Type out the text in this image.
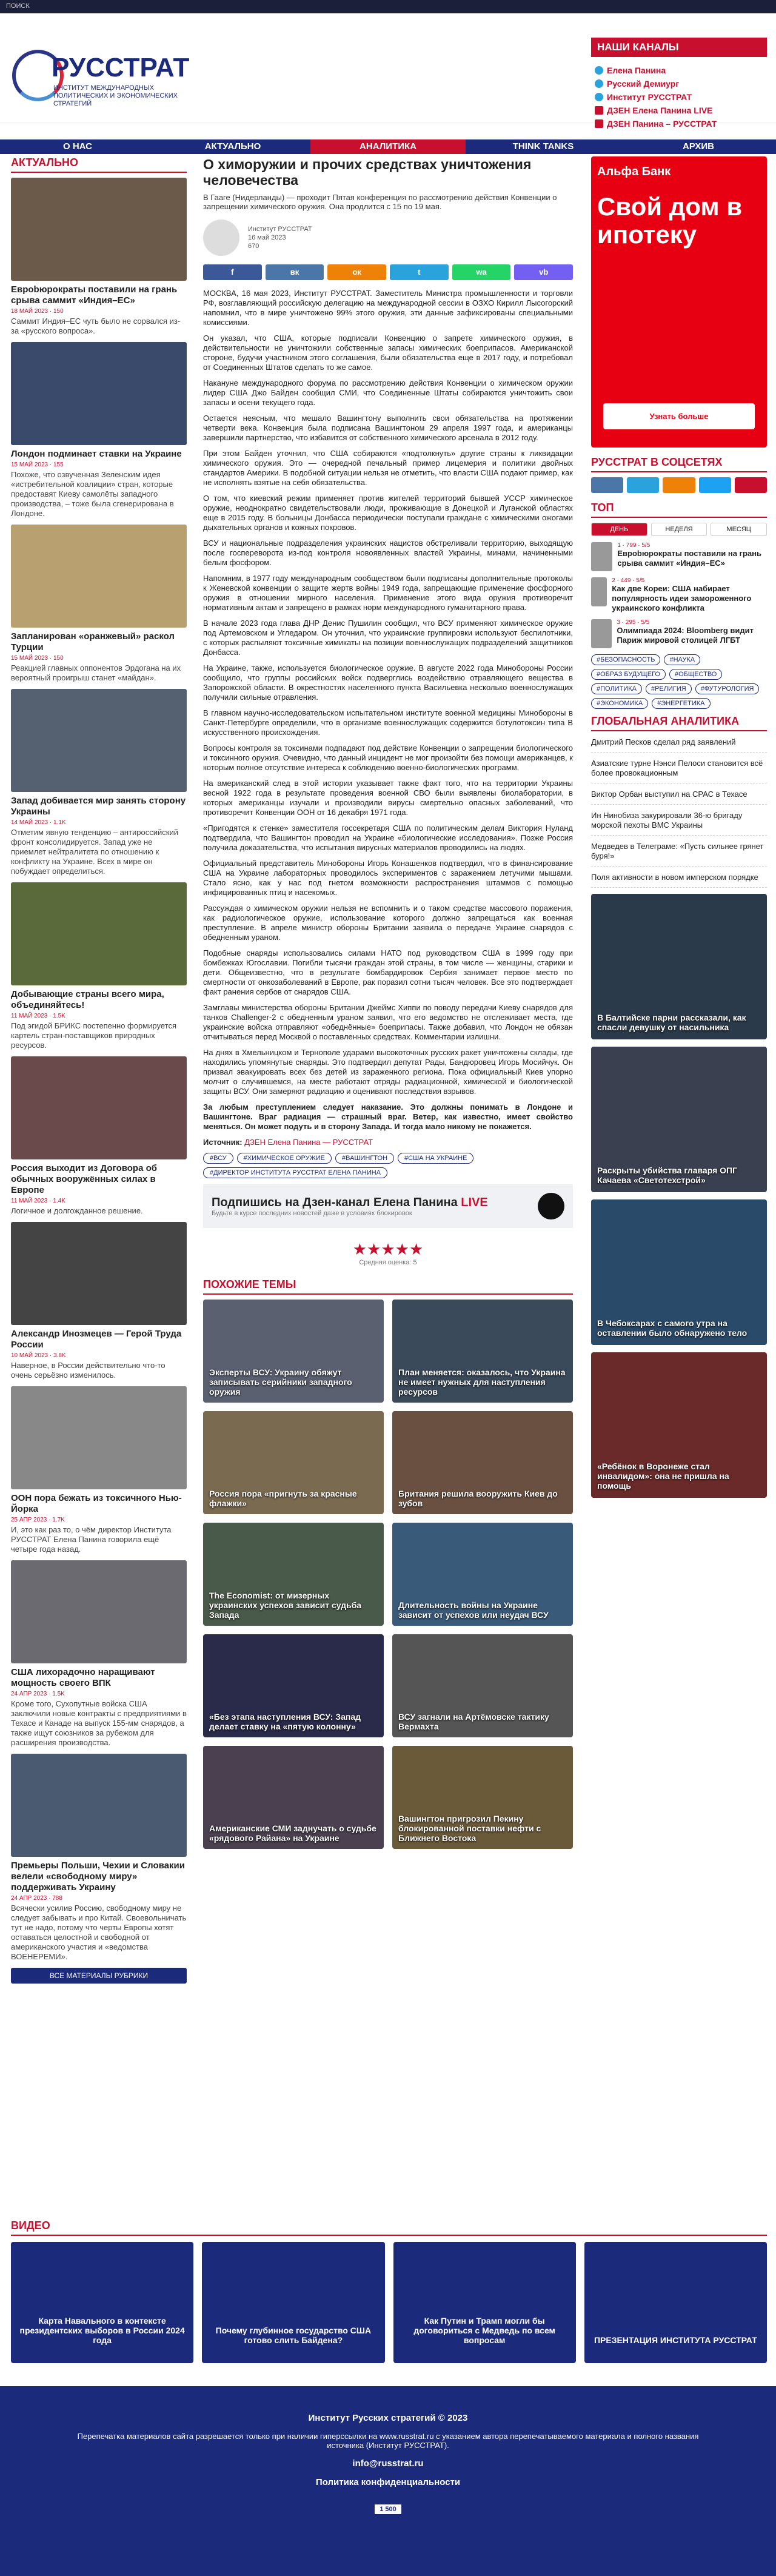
ПОИСК
РУССТРАТ
ИНСТИТУТ МЕЖДУНАРОДНЫХ ПОЛИТИЧЕСКИХ И ЭКОНОМИЧЕСКИХ СТРАТЕГИЙ
НАШИ КАНАЛЫ
Елена Панина
Русский Демиург
Институт РУССТРАТ
ДЗЕН Елена Панина LIVE
ДЗЕН Панина – РУССТРАТ
О НАС	АКТУАЛЬНО	АНАЛИТИКА	THINK TANKS	АРХИВ
АКТУАЛЬНО
Еврobюрократы поставили на грань срыва саммит «Индия–ЕС»
18 МАЙ 2023 · 150
Саммит Индия–ЕС чуть было не сорвался из-за «русского вопроса».
Лондон подминает ставки на Украине
15 МАЙ 2023 · 155
Похоже, что озвученная Зеленским идея «истребительной коалиции» стран, которые предоставят Киеву самолёты западного производства, – тоже была сгенерирована в Лондоне.
Запланирован «оранжевый» раскол Турции
15 МАЙ 2023 · 150
Реакцией главных оппонентов Эрдогана на их вероятный проигрыш станет «майдан».
Запад добивается мир занять сторону Украины
14 МАЙ 2023 · 1.1K
Отметим явную тенденцию – антироссийский фронт консолидируется. Запад уже не приемлет нейтралитета по отношению к конфликту на Украине. Всех в мире он побуждает определиться.
Добывающие страны всего мира, объединяйтесь!
11 МАЙ 2023 · 1.5K
Под эгидой БРИКС постепенно формируется картель стран-поставщиков природных ресурсов.
Россия выходит из Договора об обычных вооружённых силах в Европе
11 МАЙ 2023 · 1.4K
Логичное и долгожданное решение.
Александр Инозмецев — Герой Труда России
10 МАЙ 2023 · 3.8K
Наверное, в России действительно что-то очень серьёзно изменилось.
ООН пора бежать из токсичного Нью-Йорка
25 АПР 2023 · 1.7K
И, это как раз то, о чём директор Института РУССТРАТ Елена Панина говорила ещё четыре года назад.
США лихорадочно наращивают мощность своего ВПК
24 АПР 2023 · 1.5K
Кроме того, Сухопутные войска США заключили новые контракты с предприятиями в Техасе и Канаде на выпуск 155-мм снарядов, а также ищут союзников за рубежом для расширения производства.
Премьеры Польши, Чехии и Словакии велели «свободному миру» поддерживать Украину
24 АПР 2023 · 788
Всячески усилив Россию, свободному миру не следует забывать и про Китай. Своевольничать тут не надо, потому что черты Европы хотят оставаться целостной и свободной от американского участия и «ведомства ВОЕНЕРЕМИ».
ВСЕ МАТЕРИАЛЫ РУБРИКИ
О химоружии и прочих средствах уничтожения человечества

В Гааге (Нидерланды) — проходит Пятая конференция по рассмотрению действия Конвенции о запрещении химического оружия. Она продлится с 15 по 19 мая.

Институт РУССТРАТ
16 май 2023
670
f	вк	ок	t	wa	vb

МОСКВА, 16 мая 2023, Институт РУССТРАТ. Заместитель Министра промышленности и торговли РФ, возглавляющий российскую делегацию на международной сессии в ОЗХО Кирилл Лысогорский напомнил, что в мире уничтожено 99% этого оружия, эти данные зафиксированы специальными комиссиями.

Он указал, что США, которые подписали Конвенцию о запрете химического оружия, в действительности не уничтожили собственные запасы химических боеприпасов. Американской стороне, будучи участником этого соглашения, были обязательства еще в 2017 году, и потребовал от Соединенных Штатов сделать то же самое.

Накануне международного форума по рассмотрению действия Конвенции о химическом оружии лидер США Джо Байден сообщил СМИ, что Соединенные Штаты собираются уничтожить свои запасы и осени текущего года.

Остается неясным, что мешало Вашингтону выполнить свои обязательства на протяжении четверти века. Конвенция была подписана Вашингтоном 29 апреля 1997 года, и американцы завершили партнерство, что избавится от собственного химического арсенала в 2012 году.

При этом Байден уточнил, что США собираются «подтолкнуть» другие страны к ликвидации химического оружия. Это — очередной печальный пример лицемерия и политики двойных стандартов Америки. В подобной ситуации нельзя не отметить, что власти США подают пример, как не исполнять взятые на себя обязательства.

О том, что киевский режим применяет против жителей территорий бывшей УССР химическое оружие, неоднократно свидетельствовали люди, проживающие в Донецкой и Луганской областях еще в 2015 году. В больницы Донбасса периодически поступали граждане с химическими ожогами дыхательных органов и кожных покровов.

ВСУ и национальные подразделения украинских нацистов обстреливали территорию, выходящую после госпереворота из-под контроля новоявленных властей Украины, минами, начиненными белым фосфором.

Напомним, в 1977 году международным сообществом были подписаны дополнительные протоколы к Женевской конвенции о защите жертв войны 1949 года, запрещающие применение фосфорного оружия в отношении мирного населения. Применение этого вида оружия противоречит нормативным актам и запрещено в рамках норм международного гуманитарного права.

В начале 2023 года глава ДНР Денис Пушилин сообщил, что ВСУ применяют химическое оружие под Артемовском и Угледаром. Он уточнил, что украинские группировки используют беспилотники, с которых распыляют токсичные химикаты на позиции военнослужащих подразделений защитников Донбасса.

На Украине, также, используется биологическое оружие. В августе 2022 года Минобороны России сообщило, что группы российских войск подверглись воздействию отравляющего вещества в Запорожской области. В окрестностях населенного пункта Васильевка несколько военнослужащих получили сильные отравления.

В главном научно-исследовательском испытательном институте военной медицины Минобороны в Санкт-Петербурге определили, что в организме военнослужащих содержится ботулотоксин типа В искусственного происхождения.

Вопросы контроля за токсинами подпадают под действие Конвенции о запрещении биологического и токсинного оружия. Очевидно, что данный инцидент не мог произойти без помощи американцев, к которым полное отсутствие интереса к соблюдению военно-биологических программ.

На американский след в этой истории указывает также факт того, что на территории Украины весной 1922 года в результате проведения военной СВО были выявлены биолаборатории, в которых американцы изучали и производили вирусы смертельно опасных заболеваний, что противоречит Конвенции ООН от 16 декабря 1971 года.

«Пригодятся к стенке» заместителя госсекретаря США по политическим делам Виктория Нуланд подтвердила, что Вашингтон проводил на Украине «биологические исследования». Позже Россия получила доказательства, что испытания вирусных материалов проводились на людях.

Официальный представитель Минобороны Игорь Конашенков подтвердил, что в финансирование США на Украине лабораторных проводилось экспериментов с заражением летучими мышами. Стало ясно, как у нас под гнетом возможности распространения штаммов с помощью инфицированных птиц и насекомых.

Рассуждая о химическом оружии нельзя не вспомнить и о таком средстве массового поражения, как радиологическое оружие, использование которого должно запрещаться как военная преступление. В апреле министр обороны Британии заявила о передаче Украине снарядов с обедненным ураном.

Подобные снаряды использовались силами НАТО под руководством США в 1999 году при бомбежках Югославии. Погибли тысячи граждан этой страны, в том числе — женщины, старики и дети. Общеизвестно, что в результате бомбардировок Сербия занимает первое место по смертности от онкозаболеваний в Европе, рак поразил сотни тысяч человек. Все это подтверждает факт ранения сербов от снарядов США.

Замглавы министерства обороны Британии Джеймс Хиппи по поводу передачи Киеву снарядов для танков Challenger-2 с обедненным ураном заявил, что его ведомство не отслеживает места, где украинские войска отправляют «обеднённые» боеприпасы. Также добавил, что Лондон не обязан отчитываться перед Москвой о поставленных средствах. Комментарии излишни.

На днях в Хмельницком и Тернополе ударами высокоточных русских ракет уничтожены склады, где находились упомянутые снаряды. Это подтвердил депутат Рады, Бандюровец Игорь Мосийчук. Он призвал эвакуировать всех без детей из зараженного региона. Пока официальный Киев упорно молчит о случившемся, на месте работают отряды радиационной, химической и биологической защиты ВСУ. Они замеряют радиацию и оценивают последствия взрывов.

За любым преступлением следует наказание. Это должны понимать в Лондоне и Вашингтоне. Враг радиация — страшный враг. Ветер, как известно, имеет свойство меняться. Он может подуть и в сторону Запада. И тогда мало никому не покажется.

Источник: ДЗЕН Елена Панина — РУССТРАТ

#ВСУ	#ХИМИЧЕСКОЕ ОРУЖИЕ	#ВАШИНГТОН	#США НА УКРАИНЕ
#ДИРЕКТОР ИНСТИТУТА РУССТРАТ ЕЛЕНА ПАНИНА
Подпишись на Дзен-канал Елена Панина LIVE
Будьте в курсе последних новостей даже в условиях блокировок
★★★★★
Средняя оценка: 5
ПОХОЖИЕ ТЕМЫ
Эксперты ВСУ: Украину обяжут записывать серийники западного оружия
План меняется: оказалось, что Украина не имеет нужных для наступления ресурсов
Россия пора «пригнуть за красные флажки»
Британия решила вооружить Киев до зубов
The Economist: от мизерных украинских успехов зависит судьба Запада
Длительность войны на Украине зависит от успехов или неудач ВСУ
«Без этапа наступления ВСУ: Запад делает ставку на «пятую колонну»
ВСУ загнали на Артёмовске тактику Вермахта
Американские СМИ заднучать о судьбе «рядового Райана» на Украине
Вашингтон пригрозил Пекину блокированной поставки нефти с Ближнего Востока
Альфа Банк
Свой дом в ипотеку
Узнать больше
РУССТРАТ В СОЦСЕТЯХ
ТОП
ДЕНЬ	НЕДЕЛЯ	МЕСЯЦ
1 · 799 · 5/5
Еврobюрократы поставили на грань срыва саммит «Индия–ЕС»
2 · 449 · 5/5
Как две Кореи: США набирает популярность идеи замороженного украинского конфликта
3 · 295 · 5/5
Олимпиада 2024: Bloomberg видит Париж мировой столицей ЛГБТ
#БЕЗОПАСНОСТЬ	#НАУКА
#ОБРАЗ БУДУЩЕГО	#ОБЩЕСТВО
#ПОЛИТИКА	#РЕЛИГИЯ	#ФУТУРОЛОГИЯ
#ЭКОНОМИКА	#ЭНЕРГЕТИКА
ГЛОБАЛЬНАЯ АНАЛИТИКА
Дмитрий Песков сделал ряд заявлений
Азиатские турне Нэнси Пелоси становится всё более провокационным
Виктор Орбан выступил на СРАС в Техасе
Ин Нинобиза закурировали 36-ю бригаду морской пехоты ВМС Украины
Медведев в Телеграме: «Пусть сильнее грянет буря!»
Поля активности в новом имперском порядке
В Балтийске парни рассказали, как спасли девушку от насильника
Раскрыты убийства главаря ОПГ Качаева «Светотехстрой»
В Чебоксарах с самого утра на оставлении было обнаружено тело
«Ребёнок в Воронеже стал инвалидом»: она не пришла на помощь
ВИДЕО
Карта Навального в контексте президентских выборов в России 2024 года
Почему глубинное государство США готово слить Байдена?
Как Путин и Трамп могли бы договориться с Медведь по всем вопросам	ПРЕЗЕНТАЦИЯ ИНСТИТУТА РУССТРАТ

Институт Русских стратегий © 2023

Перепечатка материалов сайта разрешается только при наличии гиперссылки на www.russtrat.ru с указанием автора перепечатываемого материала и полного названия источника (Институт РУССТРАТ).

info@russtrat.ru

Политика конфиденциальности

1 500
